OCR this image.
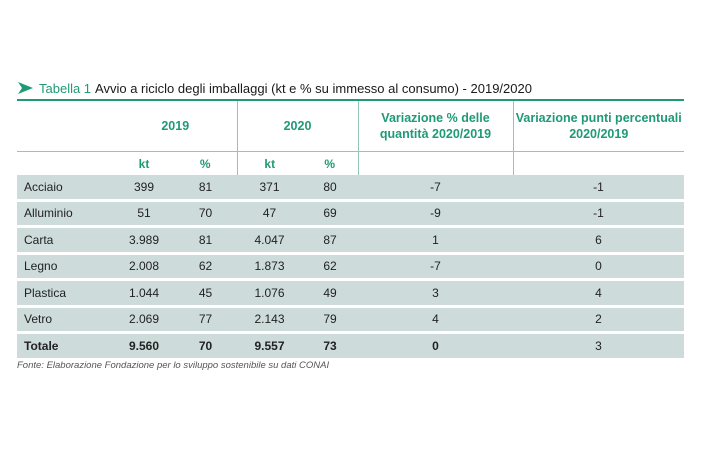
Tabella 1 Avvio a riciclo degli imballaggi (kt e % su immesso al consumo) - 2019/2020
	2019		2020		Variazione % delle quantità 2020/2019	Variazione punti percentuali 2020/2019
	kt	%	kt	%		
Acciaio	399	81	371	80	-7	-1
Alluminio	51	70	47	69	-9	-1
Carta	3.989	81	4.047	87	1	6
Legno	2.008	62	1.873	62	-7	0
Plastica	1.044	45	1.076	49	3	4
Vetro	2.069	77	2.143	79	4	2
Totale	9.560	70	9.557	73	0	3
Fonte: Elaborazione Fondazione per lo sviluppo sostenibile su dati CONAI
